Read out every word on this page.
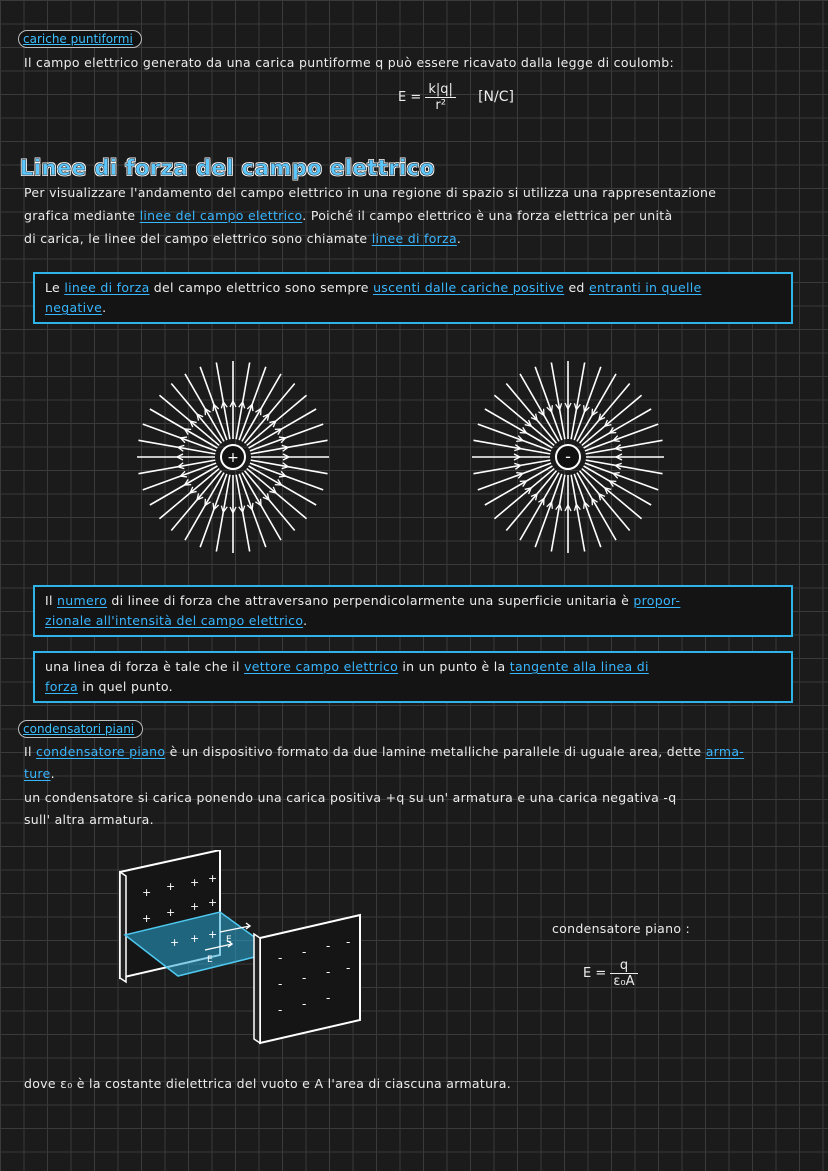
cariche puntiformi
Il campo elettrico generato da una carica puntiforme q può essere ricavato dalla legge di coulomb:
$E = \frac{k|q|}{\text{r²}} [N/C]$
Linee di forza del campo elettrico
Per visualizzare l'andamento del campo elettrico in una regione di spazio si utilizza una rappresentazione
grafica mediante linee del campo elettrico. Poiché il campo elettrico è una forza elettrica per unità
di carica, le linee del campo elettrico sono chiamate linee di forza.
Le linee di forza del campo elettrico sono sempre uscenti dalle cariche positive ed entranti in quelle
negative.
+	-
Il numero di linee di forza che attraversano perpendicolarmente una superficie unitaria è propor-
zionale all'intensità del campo elettrico.
una linea di forza è tale che il vettore campo elettrico in un punto è la tangente alla linea di
forza in quel punto.
condensatori piani
Il condensatore piano è un dispositivo formato da due lamine metalliche parallele di uguale area, dette arma-
ture.
un condensatore si carica ponendo una carica positiva +q su un' armatura e una carica negativa -q
sull' altra armatura.
+ + + +
+ + + +
+ + +
- - - -
- - - -
- - -
E
E
condensatore piano :
$E = \frac{q}{\text{ε₀A}}$
dove ε₀ è la costante dielettrica del vuoto e A l'area di ciascuna armatura.
